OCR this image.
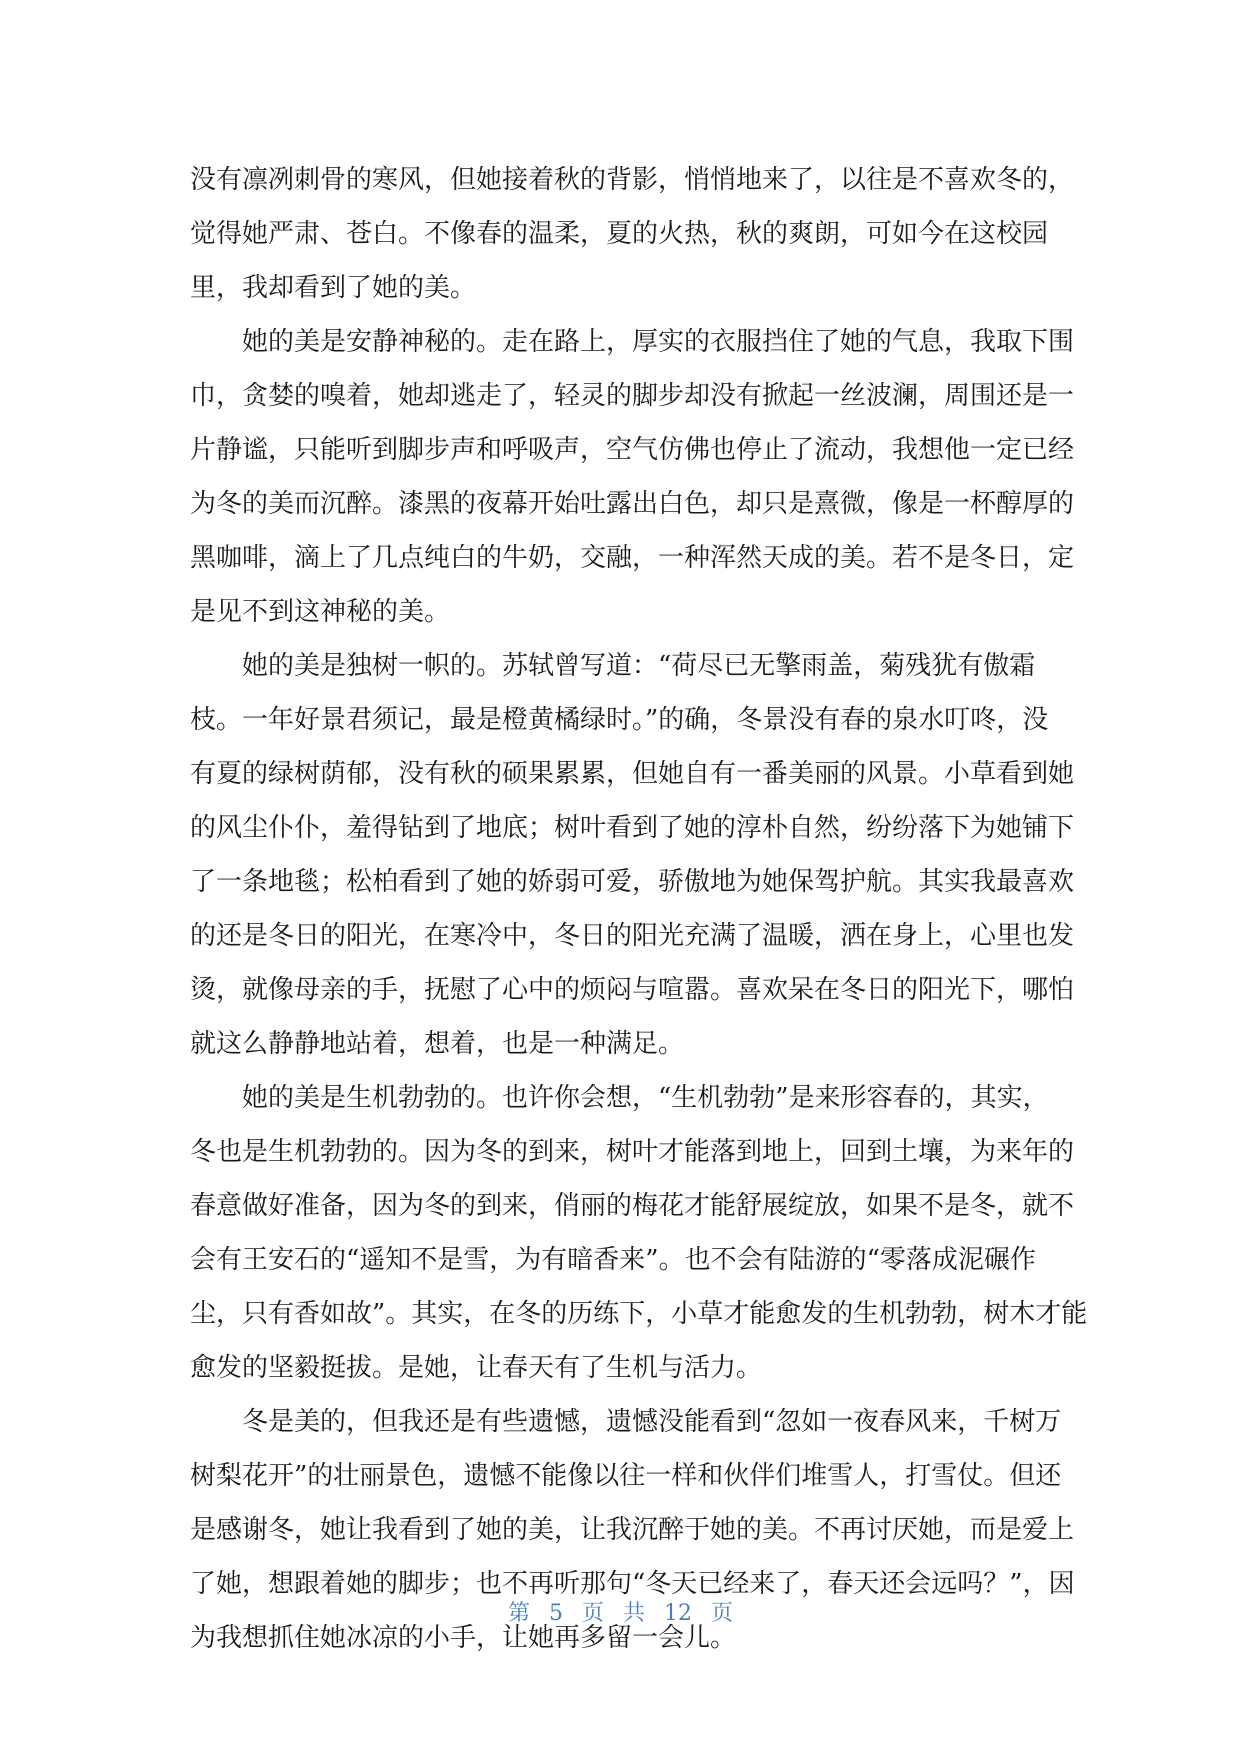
没有凛冽刺骨的寒风，但她接着秋的背影，悄悄地来了，以往是不喜欢冬的，
觉得她严肃、苍白。不像春的温柔，夏的火热，秋的爽朗，可如今在这校园
里，我却看到了她的美。
　　她的美是安静神秘的。走在路上，厚实的衣服挡住了她的气息，我取下围
巾，贪婪的嗅着，她却逃走了，轻灵的脚步却没有掀起一丝波澜，周围还是一
片静谧，只能听到脚步声和呼吸声，空气仿佛也停止了流动，我想他一定已经
为冬的美而沉醉。漆黑的夜幕开始吐露出白色，却只是熹微，像是一杯醇厚的
黑咖啡，滴上了几点纯白的牛奶，交融，一种浑然天成的美。若不是冬日，定
是见不到这神秘的美。
　　她的美是独树一帜的。苏轼曾写道：“荷尽已无擎雨盖，菊残犹有傲霜
枝。一年好景君须记，最是橙黄橘绿时。”的确，冬景没有春的泉水叮咚，没
有夏的绿树荫郁，没有秋的硕果累累，但她自有一番美丽的风景。小草看到她
的风尘仆仆，羞得钻到了地底；树叶看到了她的淳朴自然，纷纷落下为她铺下
了一条地毯；松柏看到了她的娇弱可爱，骄傲地为她保驾护航。其实我最喜欢
的还是冬日的阳光，在寒冷中，冬日的阳光充满了温暖，洒在身上，心里也发
烫，就像母亲的手，抚慰了心中的烦闷与喧嚣。喜欢呆在冬日的阳光下，哪怕
就这么静静地站着，想着，也是一种满足。
　　她的美是生机勃勃的。也许你会想，“生机勃勃”是来形容春的，其实，
冬也是生机勃勃的。因为冬的到来，树叶才能落到地上，回到土壤，为来年的
春意做好准备，因为冬的到来，俏丽的梅花才能舒展绽放，如果不是冬，就不
会有王安石的“遥知不是雪，为有暗香来”。也不会有陆游的“零落成泥碾作
尘，只有香如故”。其实，在冬的历练下，小草才能愈发的生机勃勃，树木才能
愈发的坚毅挺拔。是她，让春天有了生机与活力。
　　冬是美的，但我还是有些遗憾，遗憾没能看到“忽如一夜春风来，千树万
树梨花开”的壮丽景色，遗憾不能像以往一样和伙伴们堆雪人，打雪仗。但还
是感谢冬，她让我看到了她的美，让我沉醉于她的美。不再讨厌她，而是爱上
了她，想跟着她的脚步；也不再听那句“冬天已经来了，春天还会远吗？”，因
为我想抓住她冰凉的小手，让她再多留一会儿。
第 5 页 共 12 页
